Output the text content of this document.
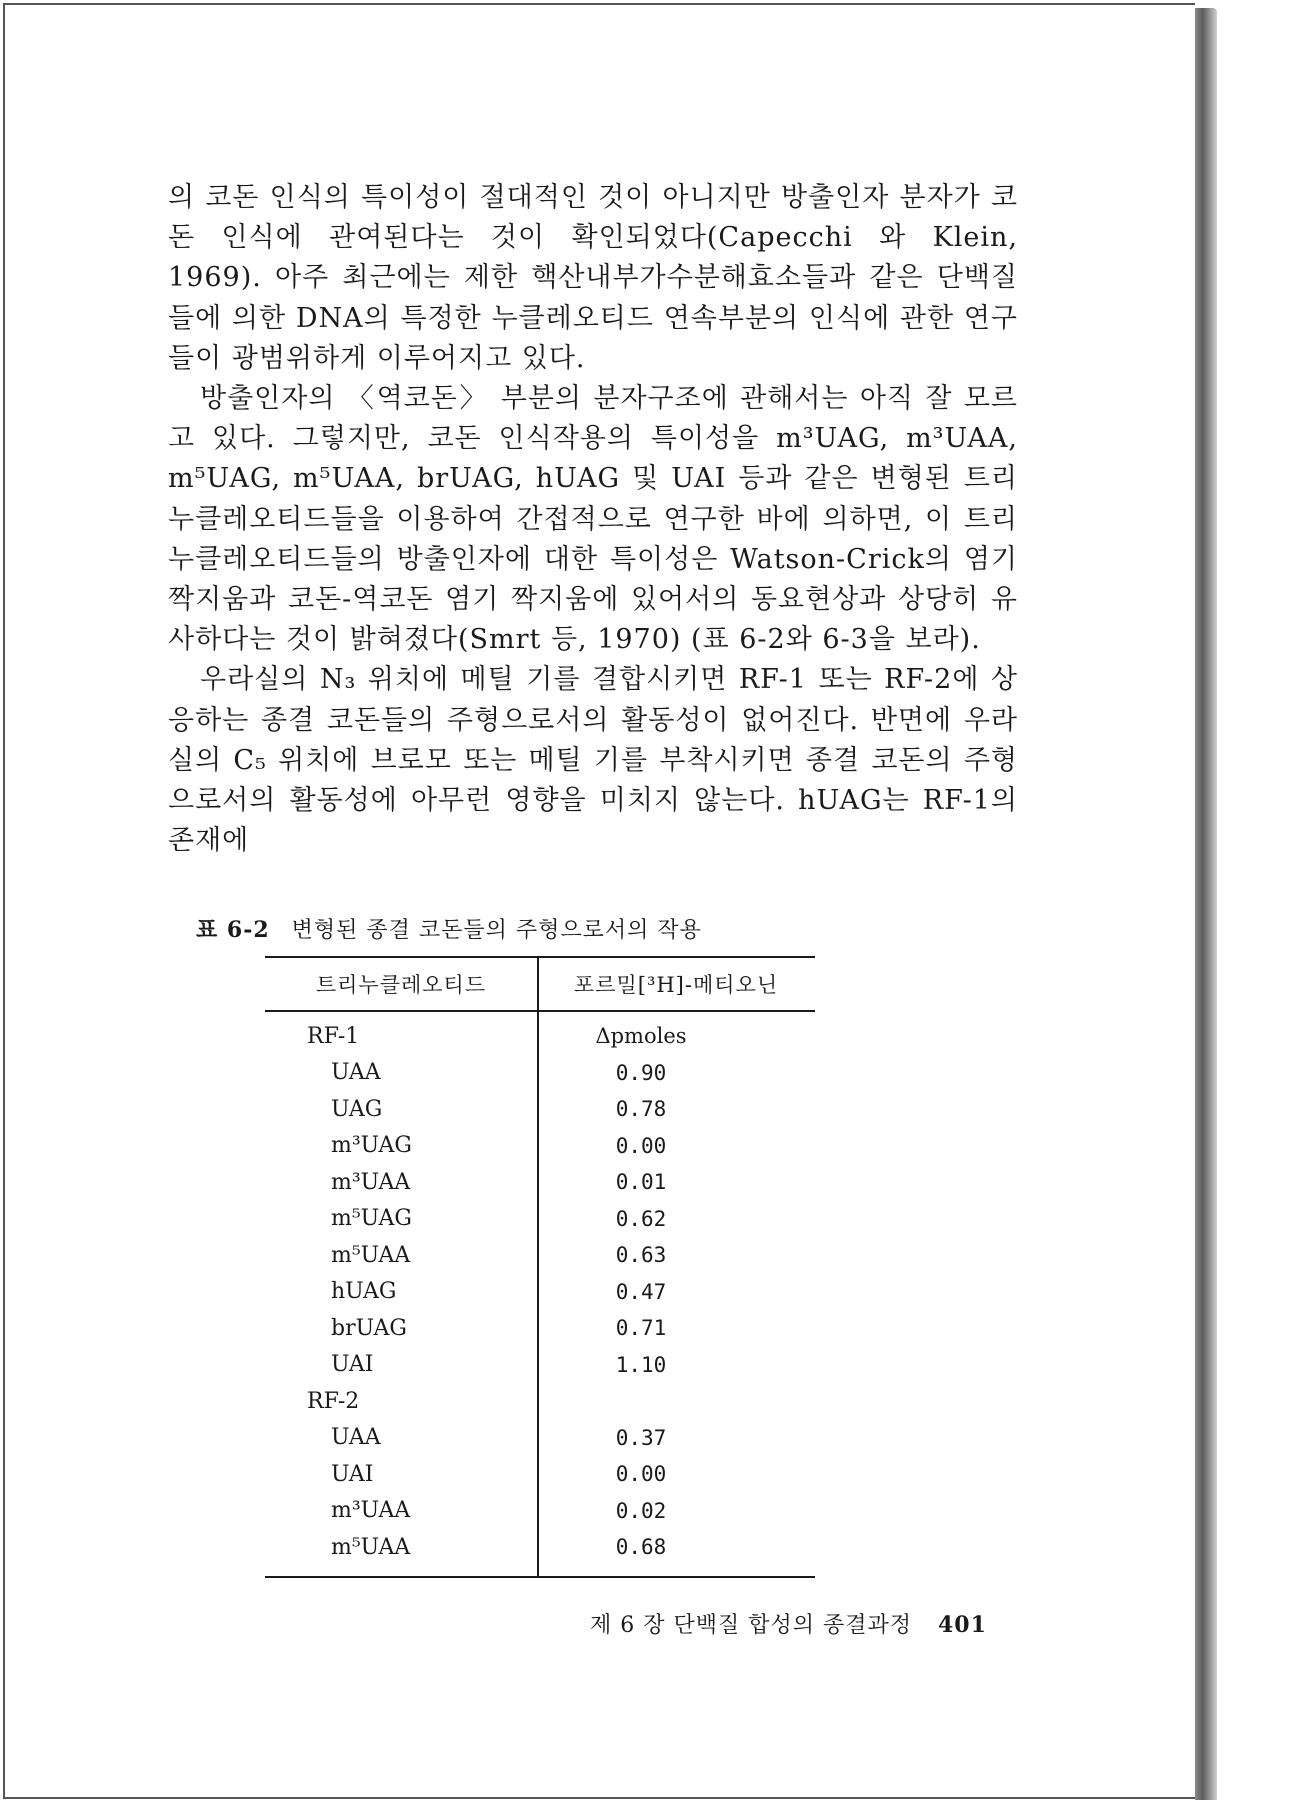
의 코돈 인식의 특이성이 절대적인 것이 아니지만 방출인자 분자가 코돈 인식에 관여된다는 것이 확인되었다(Capecchi 와 Klein, 1969). 아주 최근에는 제한 핵산내부가수분해효소들과 같은 단백질들에 의한 DNA의 특정한 누클레오티드 연속부분의 인식에 관한 연구들이 광범위하게 이루어지고 있다.

방출인자의 〈역코돈〉 부분의 분자구조에 관해서는 아직 잘 모르고 있다. 그렇지만, 코돈 인식작용의 특이성을 m³UAG, m³UAA, m⁵UAG, m⁵UAA, brUAG, hUAG 및 UAI 등과 같은 변형된 트리누클레오티드들을 이용하여 간접적으로 연구한 바에 의하면, 이 트리누클레오티드들의 방출인자에 대한 특이성은 Watson-Crick의 염기 짝지움과 코돈-역코돈 염기 짝지움에 있어서의 동요현상과 상당히 유사하다는 것이 밝혀졌다(Smrt 등, 1970) (표 6-2와 6-3을 보라).

우라실의 N₃ 위치에 메틸 기를 결합시키면 RF-1 또는 RF-2에 상응하는 종결 코돈들의 주형으로서의 활동성이 없어진다. 반면에 우라실의 C₅ 위치에 브로모 또는 메틸 기를 부착시키면 종결 코돈의 주형으로서의 활동성에 아무런 영향을 미치지 않는다. hUAG는 RF-1의 존재에

표 6-2 변형된 종결 코돈들의 주형으로서의 작용
트리누클레오티드	포르밀[³H]-메티오닌
RF-1	Δpmoles
UAA	0.90
UAG	0.78
m³UAG	0.00
m³UAA	0.01
m⁵UAG	0.62
m⁵UAA	0.63
hUAG	0.47
brUAG	0.71
UAI	1.10
RF-2
UAA	0.37
UAI	0.00
m³UAA	0.02
m⁵UAA	0.68
제 6 장 단백질 합성의 종결과정 401
